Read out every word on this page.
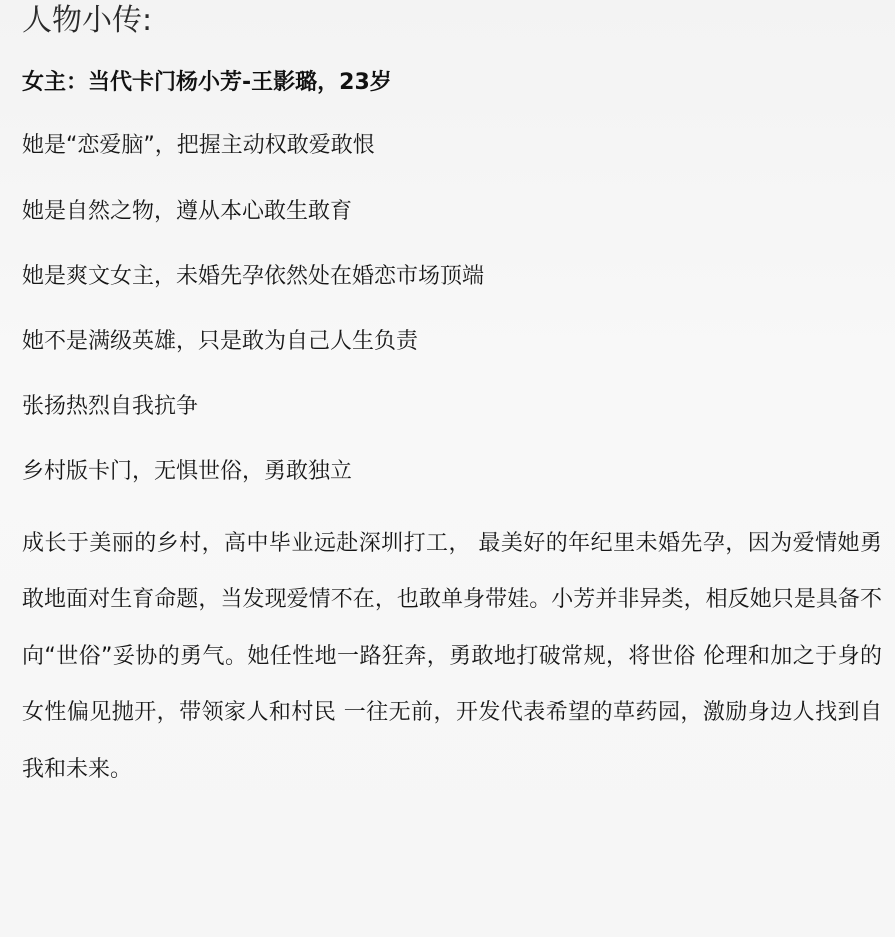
人物小传:
女主：当代卡门杨小芳-王影璐，23岁
她是“恋爱脑”，把握主动权敢爱敢恨
她是自然之物，遵从本心敢生敢育
她是爽文女主，未婚先孕依然处在婚恋市场顶端
她不是满级英雄，只是敢为自己人生负责
张扬热烈自我抗争
乡村版卡门，无惧世俗，勇敢独立

成长于美丽的乡村，高中毕业远赴深圳打工， 最美好的年纪里未婚先孕，因为爱情她勇敢地面对生育命题，当发现爱情不在，也敢单身带娃。小芳并非异类，相反她只是具备不向“世俗”妥协的勇气。她任性地一路狂奔，勇敢地打破常规，将世俗 伦理和加之于身的女性偏见抛开，带领家人和村民 一往无前，开发代表希望的草药园，激励身边人找到自我和未来。
